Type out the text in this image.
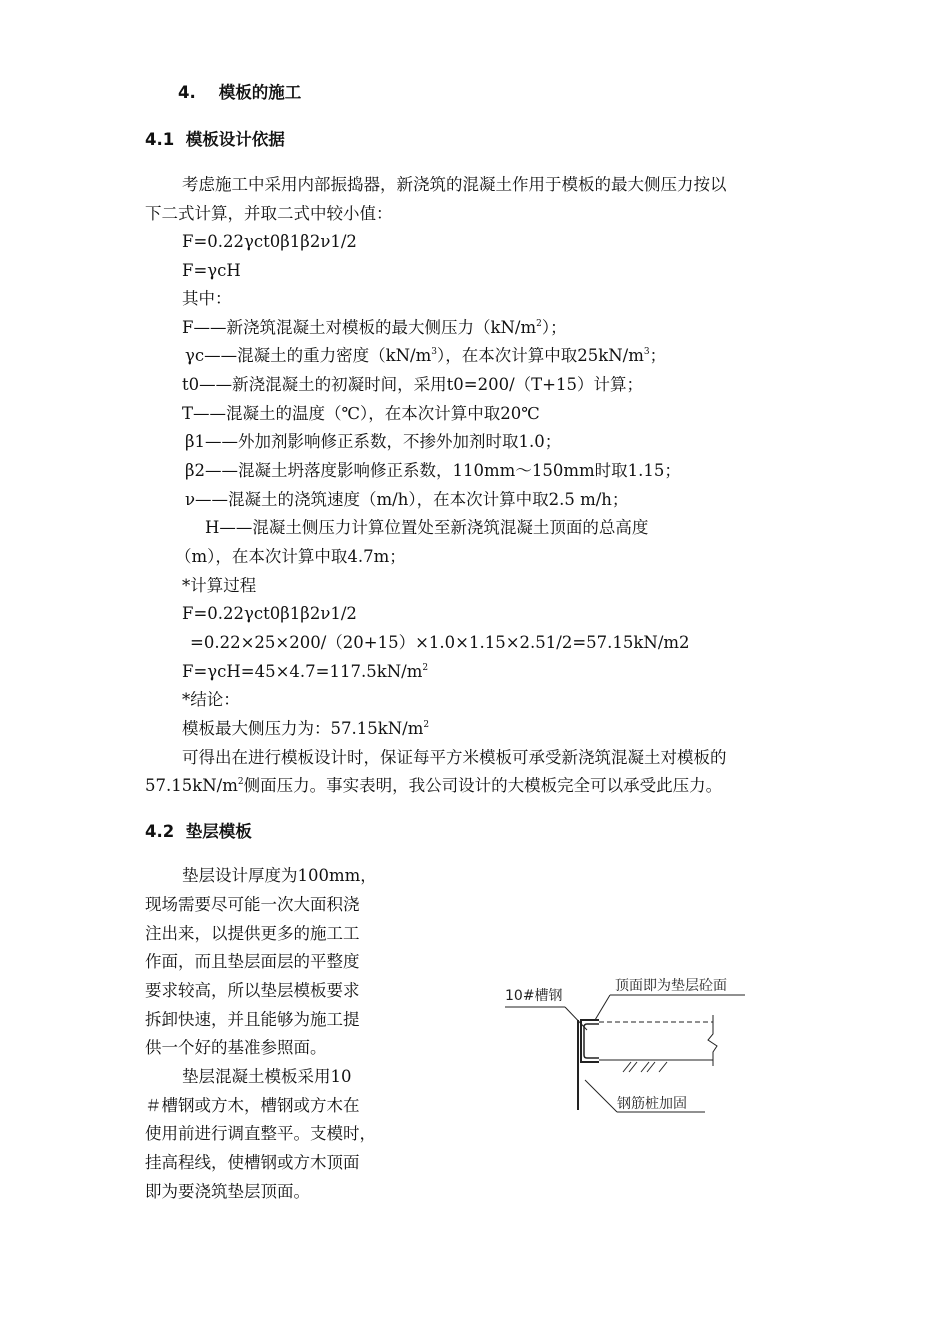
4. 模板的施工
4.1 模板设计依据
考虑施工中采用内部振捣器，新浇筑的混凝土作用于模板的最大侧压力按以
下二式计算，并取二式中较小值：
F=0.22γct0β1β2ν1/2
F=γcH
其中：
F——新浇筑混凝土对模板的最大侧压力$(kN/m^2)$；
γc——混凝土的重力密度$(kN/m^3)$，在本次计算中取$25kN/m^3$；
t0——新浇混凝土的初凝时间，采用t0=200/（T+15）计算；
T——混凝土的温度（℃），在本次计算中取20℃
β1——外加剂影响修正系数，不掺外加剂时取1.0；
β2——混凝土坍落度影响修正系数，110mm～150mm时取1.15；
ν——混凝土的浇筑速度（m/h），在本次计算中取2.5 m/h；
H——混凝土侧压力计算位置处至新浇筑混凝土顶面的总高度
（m），在本次计算中取4.7m；
*计算过程
F=0.22γct0β1β2ν1/2
=0.22×25×200/（20+15）×1.0×1.15×2.51/2=57.15kN/m2
$F=\gamma cH=45\times 4.7=117.5kN/m^2$
*结论：
模板最大侧压力为：$57.15kN/m^2$
可得出在进行模板设计时，保证每平方米模板可承受新浇筑混凝土对模板的
$57.15kN/m^2$侧面压力。事实表明，我公司设计的大模板完全可以承受此压力。
4.2 垫层模板
垫层设计厚度为100mm，
现场需要尽可能一次大面积浇
注出来，以提供更多的施工工
作面，而且垫层面层的平整度
要求较高，所以垫层模板要求
拆卸快速，并且能够为施工提
供一个好的基准参照面。
垫层混凝土模板采用10
＃槽钢或方木，槽钢或方木在
使用前进行调直整平。支模时，
挂高程线，使槽钢或方木顶面
即为要浇筑垫层顶面。
10#槽钢
顶面即为垫层砼面
钢筋桩加固
